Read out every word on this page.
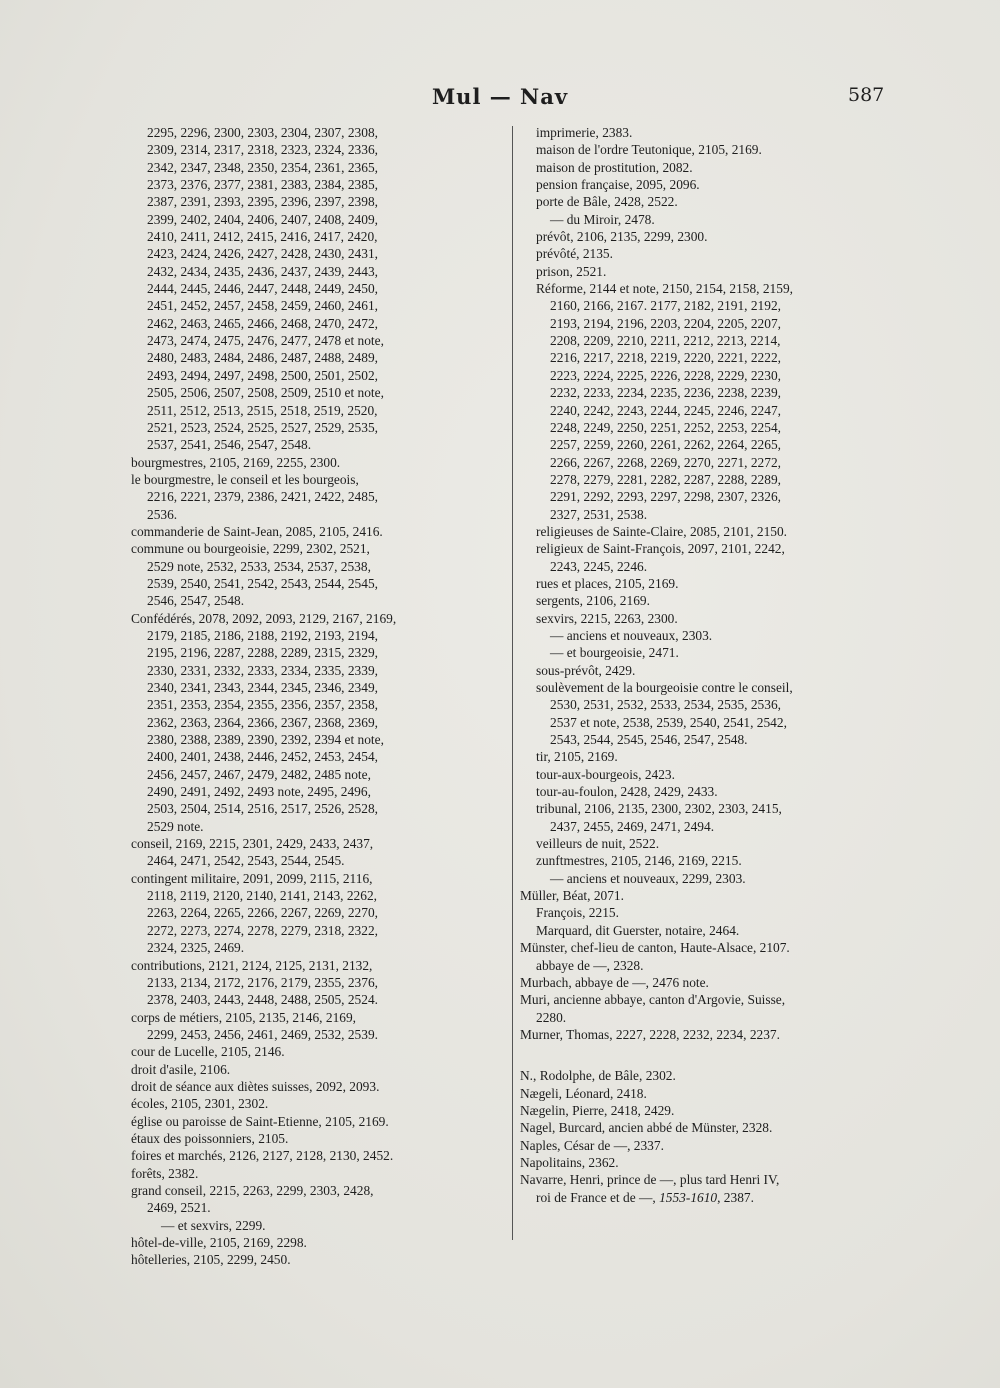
Mul — Nav	587
2295, 2296, 2300, 2303, 2304, 2307, 2308,
2309, 2314, 2317, 2318, 2323, 2324, 2336,
2342, 2347, 2348, 2350, 2354, 2361, 2365,
2373, 2376, 2377, 2381, 2383, 2384, 2385,
2387, 2391, 2393, 2395, 2396, 2397, 2398,
2399, 2402, 2404, 2406, 2407, 2408, 2409,
2410, 2411, 2412, 2415, 2416, 2417, 2420,
2423, 2424, 2426, 2427, 2428, 2430, 2431,
2432, 2434, 2435, 2436, 2437, 2439, 2443,
2444, 2445, 2446, 2447, 2448, 2449, 2450,
2451, 2452, 2457, 2458, 2459, 2460, 2461,
2462, 2463, 2465, 2466, 2468, 2470, 2472,
2473, 2474, 2475, 2476, 2477, 2478 et note,
2480, 2483, 2484, 2486, 2487, 2488, 2489,
2493, 2494, 2497, 2498, 2500, 2501, 2502,
2505, 2506, 2507, 2508, 2509, 2510 et note,
2511, 2512, 2513, 2515, 2518, 2519, 2520,
2521, 2523, 2524, 2525, 2527, 2529, 2535,
2537, 2541, 2546, 2547, 2548.
bourgmestres, 2105, 2169, 2255, 2300.
le bourgmestre, le conseil et les bourgeois,
2216, 2221, 2379, 2386, 2421, 2422, 2485,
2536.
commanderie de Saint-Jean, 2085, 2105, 2416.
commune ou bourgeoisie, 2299, 2302, 2521,
2529 note, 2532, 2533, 2534, 2537, 2538,
2539, 2540, 2541, 2542, 2543, 2544, 2545,
2546, 2547, 2548.
Confédérés, 2078, 2092, 2093, 2129, 2167, 2169,
2179, 2185, 2186, 2188, 2192, 2193, 2194,
2195, 2196, 2287, 2288, 2289, 2315, 2329,
2330, 2331, 2332, 2333, 2334, 2335, 2339,
2340, 2341, 2343, 2344, 2345, 2346, 2349,
2351, 2353, 2354, 2355, 2356, 2357, 2358,
2362, 2363, 2364, 2366, 2367, 2368, 2369,
2380, 2388, 2389, 2390, 2392, 2394 et note,
2400, 2401, 2438, 2446, 2452, 2453, 2454,
2456, 2457, 2467, 2479, 2482, 2485 note,
2490, 2491, 2492, 2493 note, 2495, 2496,
2503, 2504, 2514, 2516, 2517, 2526, 2528,
2529 note.
conseil, 2169, 2215, 2301, 2429, 2433, 2437,
2464, 2471, 2542, 2543, 2544, 2545.
contingent militaire, 2091, 2099, 2115, 2116,
2118, 2119, 2120, 2140, 2141, 2143, 2262,
2263, 2264, 2265, 2266, 2267, 2269, 2270,
2272, 2273, 2274, 2278, 2279, 2318, 2322,
2324, 2325, 2469.
contributions, 2121, 2124, 2125, 2131, 2132,
2133, 2134, 2172, 2176, 2179, 2355, 2376,
2378, 2403, 2443, 2448, 2488, 2505, 2524.
corps de métiers, 2105, 2135, 2146, 2169,
2299, 2453, 2456, 2461, 2469, 2532, 2539.
cour de Lucelle, 2105, 2146.
droit d'asile, 2106.
droit de séance aux diètes suisses, 2092, 2093.
écoles, 2105, 2301, 2302.
église ou paroisse de Saint-Etienne, 2105, 2169.
étaux des poissonniers, 2105.
foires et marchés, 2126, 2127, 2128, 2130, 2452.
forêts, 2382.
grand conseil, 2215, 2263, 2299, 2303, 2428,
2469, 2521.
— et sexvirs, 2299.
hôtel-de-ville, 2105, 2169, 2298.
hôtelleries, 2105, 2299, 2450.
imprimerie, 2383.
maison de l'ordre Teutonique, 2105, 2169.
maison de prostitution, 2082.
pension française, 2095, 2096.
porte de Bâle, 2428, 2522.
— du Miroir, 2478.
prévôt, 2106, 2135, 2299, 2300.
prévôté, 2135.
prison, 2521.
Réforme, 2144 et note, 2150, 2154, 2158, 2159,
2160, 2166, 2167. 2177, 2182, 2191, 2192,
2193, 2194, 2196, 2203, 2204, 2205, 2207,
2208, 2209, 2210, 2211, 2212, 2213, 2214,
2216, 2217, 2218, 2219, 2220, 2221, 2222,
2223, 2224, 2225, 2226, 2228, 2229, 2230,
2232, 2233, 2234, 2235, 2236, 2238, 2239,
2240, 2242, 2243, 2244, 2245, 2246, 2247,
2248, 2249, 2250, 2251, 2252, 2253, 2254,
2257, 2259, 2260, 2261, 2262, 2264, 2265,
2266, 2267, 2268, 2269, 2270, 2271, 2272,
2278, 2279, 2281, 2282, 2287, 2288, 2289,
2291, 2292, 2293, 2297, 2298, 2307, 2326,
2327, 2531, 2538.
religieuses de Sainte-Claire, 2085, 2101, 2150.
religieux de Saint-François, 2097, 2101, 2242,
2243, 2245, 2246.
rues et places, 2105, 2169.
sergents, 2106, 2169.
sexvirs, 2215, 2263, 2300.
— anciens et nouveaux, 2303.
— et bourgeoisie, 2471.
sous-prévôt, 2429.
soulèvement de la bourgeoisie contre le conseil,
2530, 2531, 2532, 2533, 2534, 2535, 2536,
2537 et note, 2538, 2539, 2540, 2541, 2542,
2543, 2544, 2545, 2546, 2547, 2548.
tir, 2105, 2169.
tour-aux-bourgeois, 2423.
tour-au-foulon, 2428, 2429, 2433.
tribunal, 2106, 2135, 2300, 2302, 2303, 2415,
2437, 2455, 2469, 2471, 2494.
veilleurs de nuit, 2522.
zunftmestres, 2105, 2146, 2169, 2215.
— anciens et nouveaux, 2299, 2303.
Müller, Béat, 2071.
François, 2215.
Marquard, dit Guerster, notaire, 2464.
Münster, chef-lieu de canton, Haute-Alsace, 2107.
abbaye de —, 2328.
Murbach, abbaye de —, 2476 note.
Muri, ancienne abbaye, canton d'Argovie, Suisse,
2280.
Murner, Thomas, 2227, 2228, 2232, 2234, 2237.
N., Rodolphe, de Bâle, 2302.
Nægeli, Léonard, 2418.
Nægelin, Pierre, 2418, 2429.
Nagel, Burcard, ancien abbé de Münster, 2328.
Naples, César de —, 2337.
Napolitains, 2362.
Navarre, Henri, prince de —, plus tard Henri IV,
roi de France et de —, 1553-1610, 2387.
